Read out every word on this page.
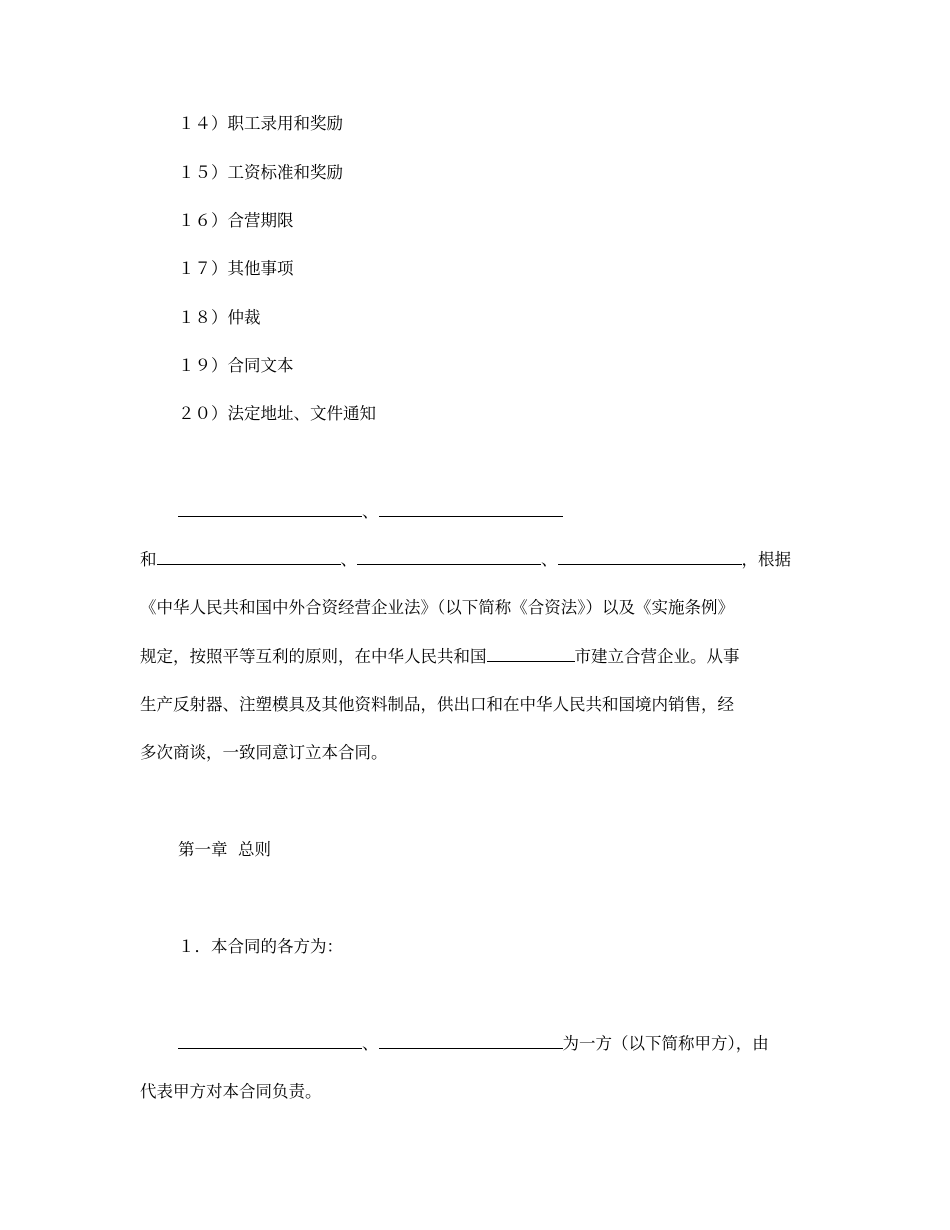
１４）职工录用和奖励
１５）工资标准和奖励
１６）合营期限
１７）其他事项
１８）仲裁
１９）合同文本
２０）法定地址、文件通知
、
和	、	、	，根据
《中华人民共和国中外合资经营企业法》（以下简称《合资法》）以及《实施条例》
规定，按照平等互利的原则，在中华人民共和国	市建立合营企业。从事
生产反射器、注塑模具及其他资料制品，供出口和在中华人民共和国境内销售，经
多次商谈，一致同意订立本合同。
第一章  总则
１．本合同的各方为：
、	为一方（以下简称甲方），由
代表甲方对本合同负责。
